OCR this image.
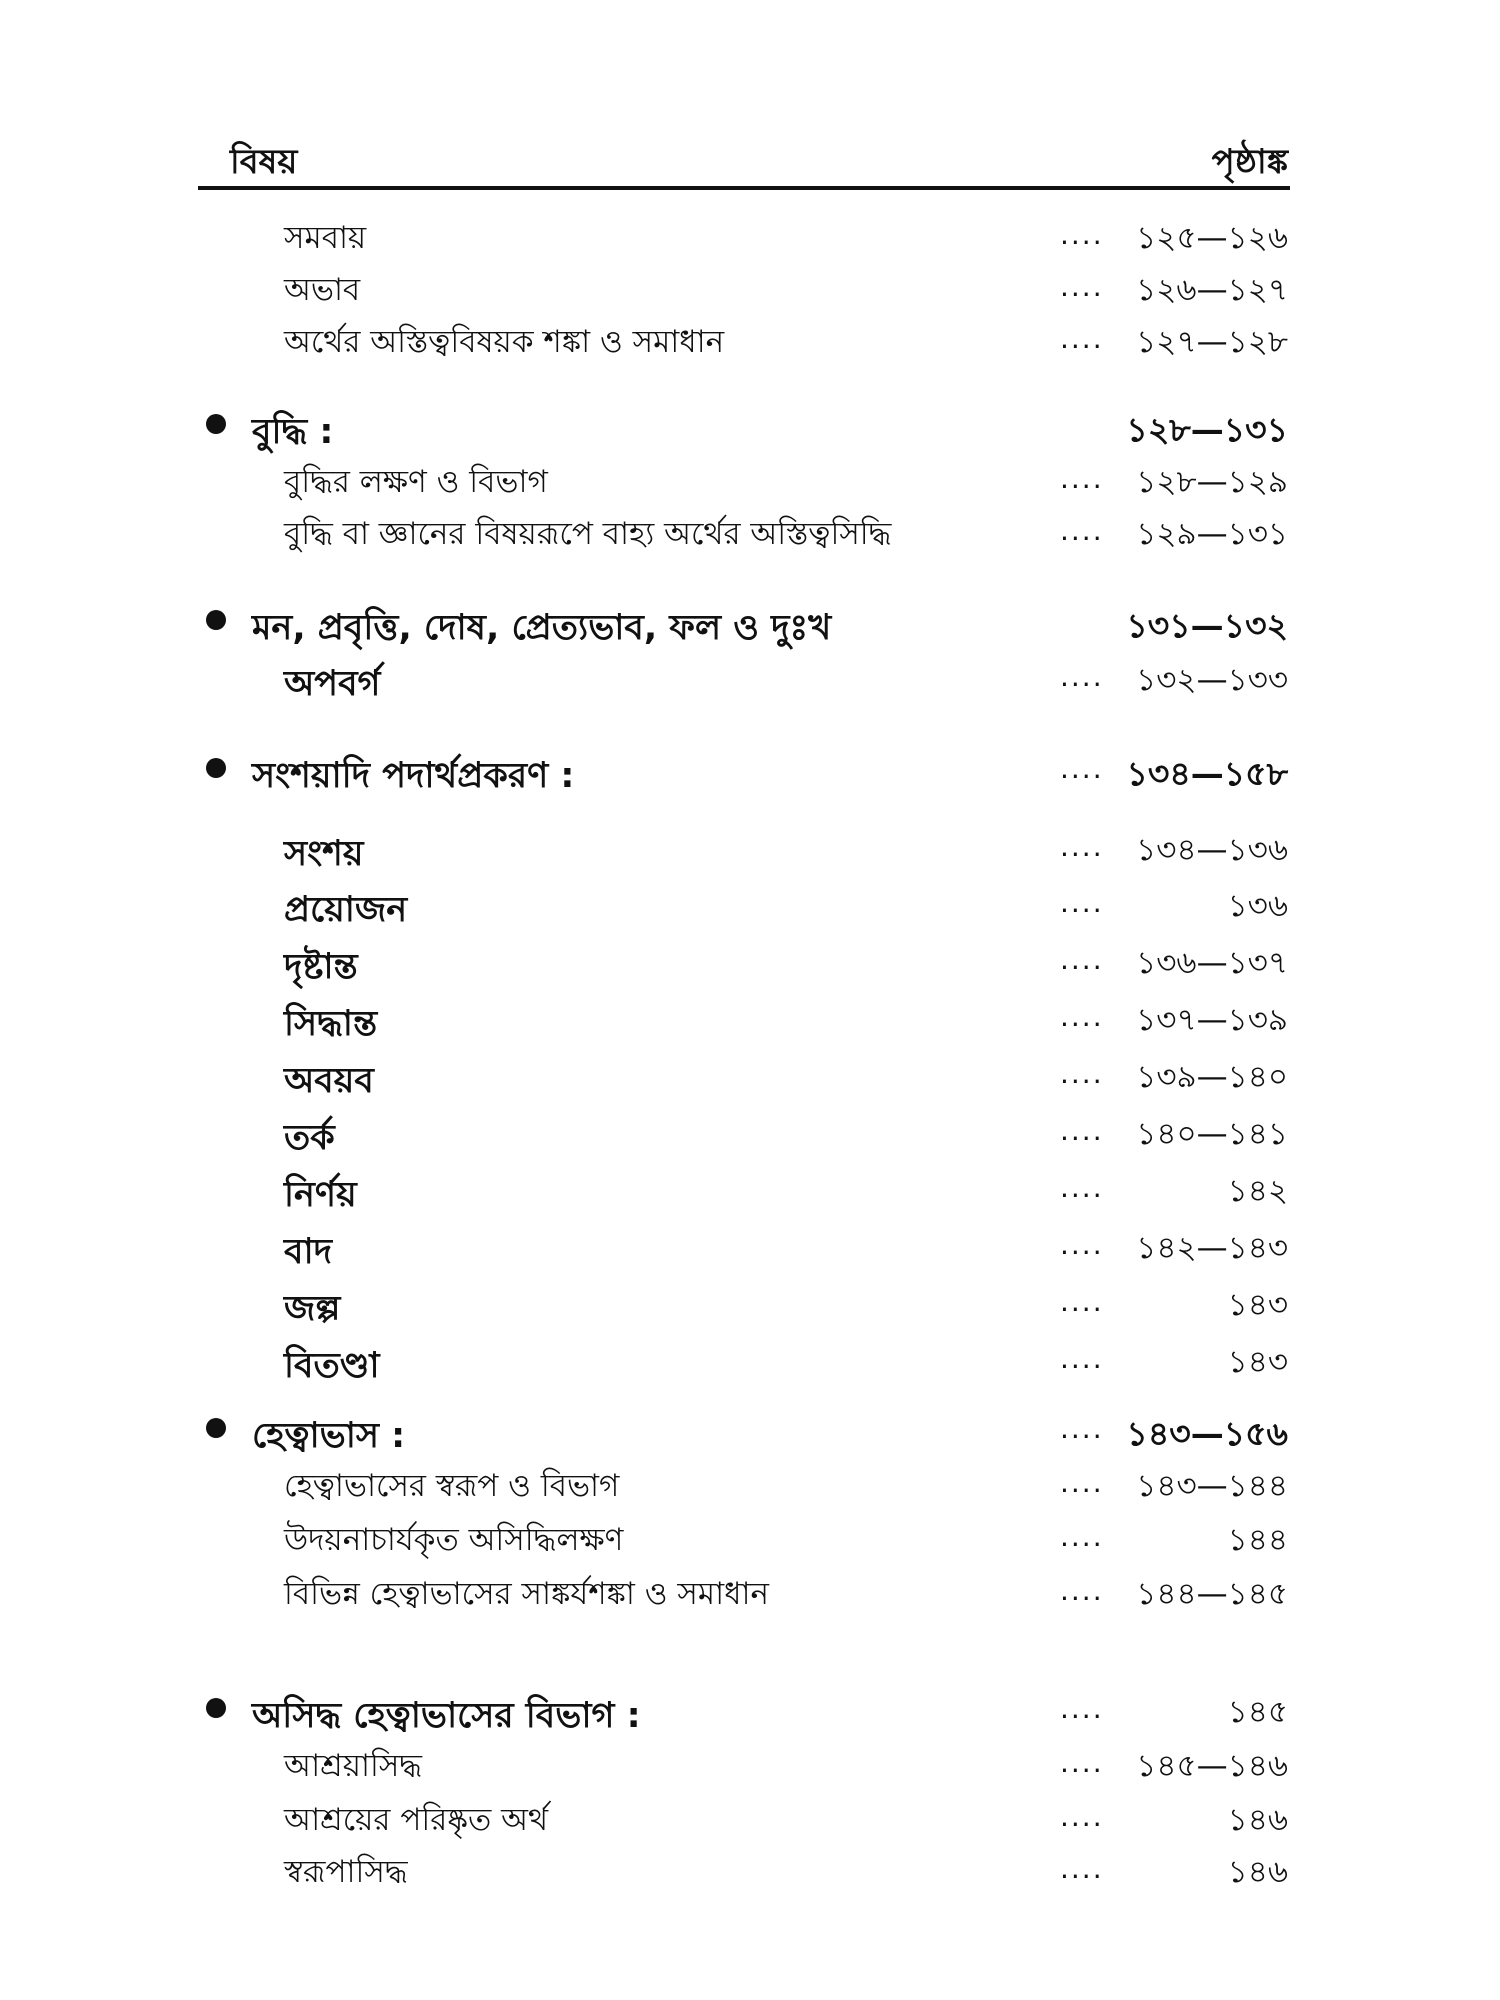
বিষয়	পৃষ্ঠাঙ্ক
সমবায়	.... ১২৫—১২৬
অভাব	.... ১২৬—১২৭
অর্থের অস্তিত্ববিষয়ক শঙ্কা ও সমাধান	.... ১২৭—১২৮
বুদ্ধি :	১২৮—১৩১
বুদ্ধির লক্ষণ ও বিভাগ	.... ১২৮—১২৯
বুদ্ধি বা জ্ঞানের বিষয়রূপে বাহ্য অর্থের অস্তিত্বসিদ্ধি	.... ১২৯—১৩১
মন, প্রবৃত্তি, দোষ, প্রেত্যভাব, ফল ও দুঃখ	১৩১—১৩২
অপবর্গ	.... ১৩২—১৩৩
সংশয়াদি পদার্থপ্রকরণ :	.... ১৩৪—১৫৮
সংশয়	.... ১৩৪—১৩৬
প্রয়োজন	....	১৩৬
দৃষ্টান্ত	.... ১৩৬—১৩৭
সিদ্ধান্ত	.... ১৩৭—১৩৯
অবয়ব	.... ১৩৯—১৪০
তর্ক	.... ১৪০—১৪১
নির্ণয়	....	১৪২
বাদ	.... ১৪২—১৪৩
জল্প	....	১৪৩
বিতণ্ডা	....	১৪৩
হেত্বাভাস :	.... ১৪৩—১৫৬
হেত্বাভাসের স্বরূপ ও বিভাগ	.... ১৪৩—১৪৪
উদয়নাচার্যকৃত অসিদ্ধিলক্ষণ	....	১৪৪
বিভিন্ন হেত্বাভাসের সাঙ্কর্যশঙ্কা ও সমাধান	.... ১৪৪—১৪৫
অসিদ্ধ হেত্বাভাসের বিভাগ :	....	১৪৫
আশ্রয়াসিদ্ধ	.... ১৪৫—১৪৬
আশ্রয়ের পরিষ্কৃত অর্থ	....	১৪৬
স্বরূপাসিদ্ধ	....	১৪৬
